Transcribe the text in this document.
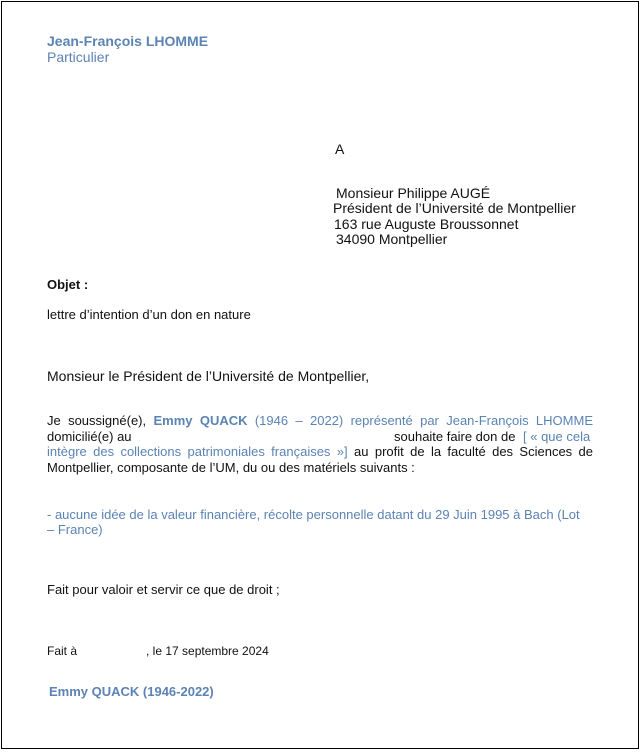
Jean-François LHOMME
Particulier
A
Monsieur Philippe AUGÉ
Président de l’Université de Montpellier
163 rue Auguste Broussonnet
34090 Montpellier
Objet :
lettre d’intention d’un don en nature
Monsieur le Président de l’Université de Montpellier,
Je soussigné(e), Emmy QUACK (1946 – 2022) représenté par Jean-François LHOMME
domicilié(e) au	souhaite faire don de [ « que cela
intègre des collections patrimoniales françaises »] au profit de la faculté des Sciences de
Montpellier, composante de l’UM, du ou des matériels suivants :
- aucune idée de la valeur financière, récolte personnelle datant du 29 Juin 1995 à Bach (Lot
– France)
Fait pour valoir et servir ce que de droit ;
Fait à	, le 17 septembre 2024
Emmy QUACK (1946-2022)
